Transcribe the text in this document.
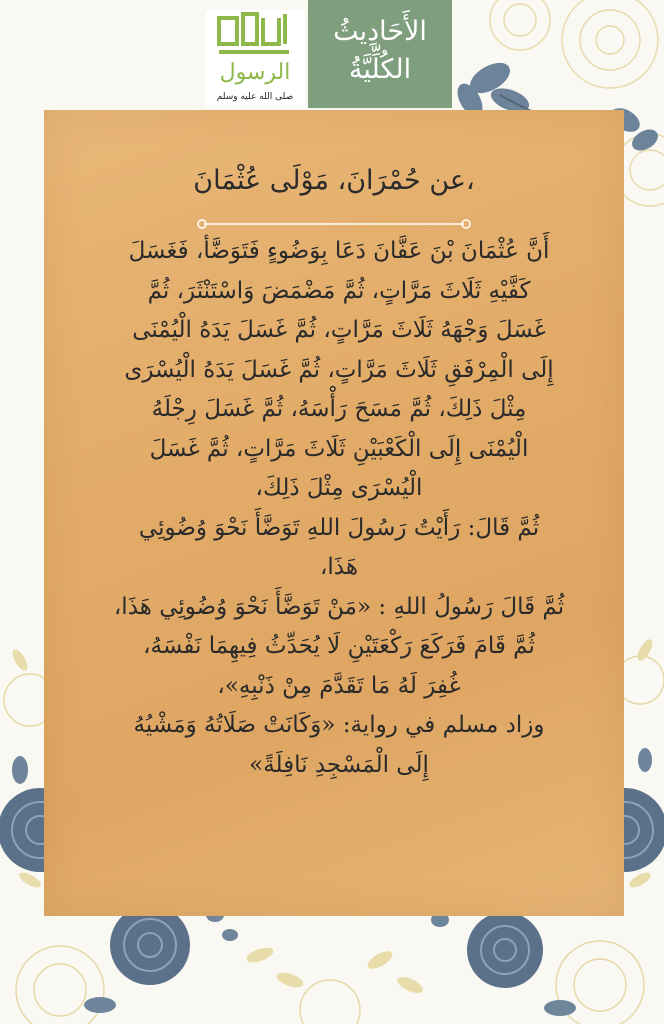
الرسول
صلى الله عليه وسلم
الأَحَادِيثُ
الكُلِّيَّةُ
عن حُمْرَانَ، مَوْلَى عُثْمَانَ،

أَنَّ عُثْمَانَ بْنَ عَفَّانَ دَعَا بِوَضُوءٍ فَتَوَضَّأ، فَغَسَلَ

كَفَّيْهِ ثَلَاثَ مَرَّاتٍ، ثُمَّ مَضْمَضَ وَاسْتَنْثَرَ، ثُمَّ

غَسَلَ وَجْهَهُ ثَلَاثَ مَرَّاتٍ، ثُمَّ غَسَلَ يَدَهُ الْيُمْنَى

إِلَى الْمِرْفَقِ ثَلَاثَ مَرَّاتٍ، ثُمَّ غَسَلَ يَدَهُ الْيُسْرَى

مِثْلَ ذَلِكَ، ثُمَّ مَسَحَ رَأْسَهُ، ثُمَّ غَسَلَ رِجْلَهُ

الْيُمْنَى إِلَى الْكَعْبَيْنِ ثَلَاثَ مَرَّاتٍ، ثُمَّ غَسَلَ

الْيُسْرَى مِثْلَ ذَلِكَ،

ثُمَّ قَالَ: رَأَيْتُ رَسُولَ اللهِ تَوَضَّأَ نَحْوَ وُضُوئِي

هَذَا،

ثُمَّ قَالَ رَسُولُ اللهِ : «مَنْ تَوَضَّأَ نَحْوَ وُضُوئِي هَذَا،

ثُمَّ قَامَ فَرَكَعَ رَكْعَتَيْنِ لَا يُحَدِّثُ فِيهِمَا نَفْسَهُ،

غُفِرَ لَهُ مَا تَقَدَّمَ مِنْ ذَنْبِهِ»،

وزاد مسلم في رواية: «وَكَانَتْ صَلَاتُهُ وَمَشْيُهُ

إِلَى الْمَسْجِدِ نَافِلَةً»
